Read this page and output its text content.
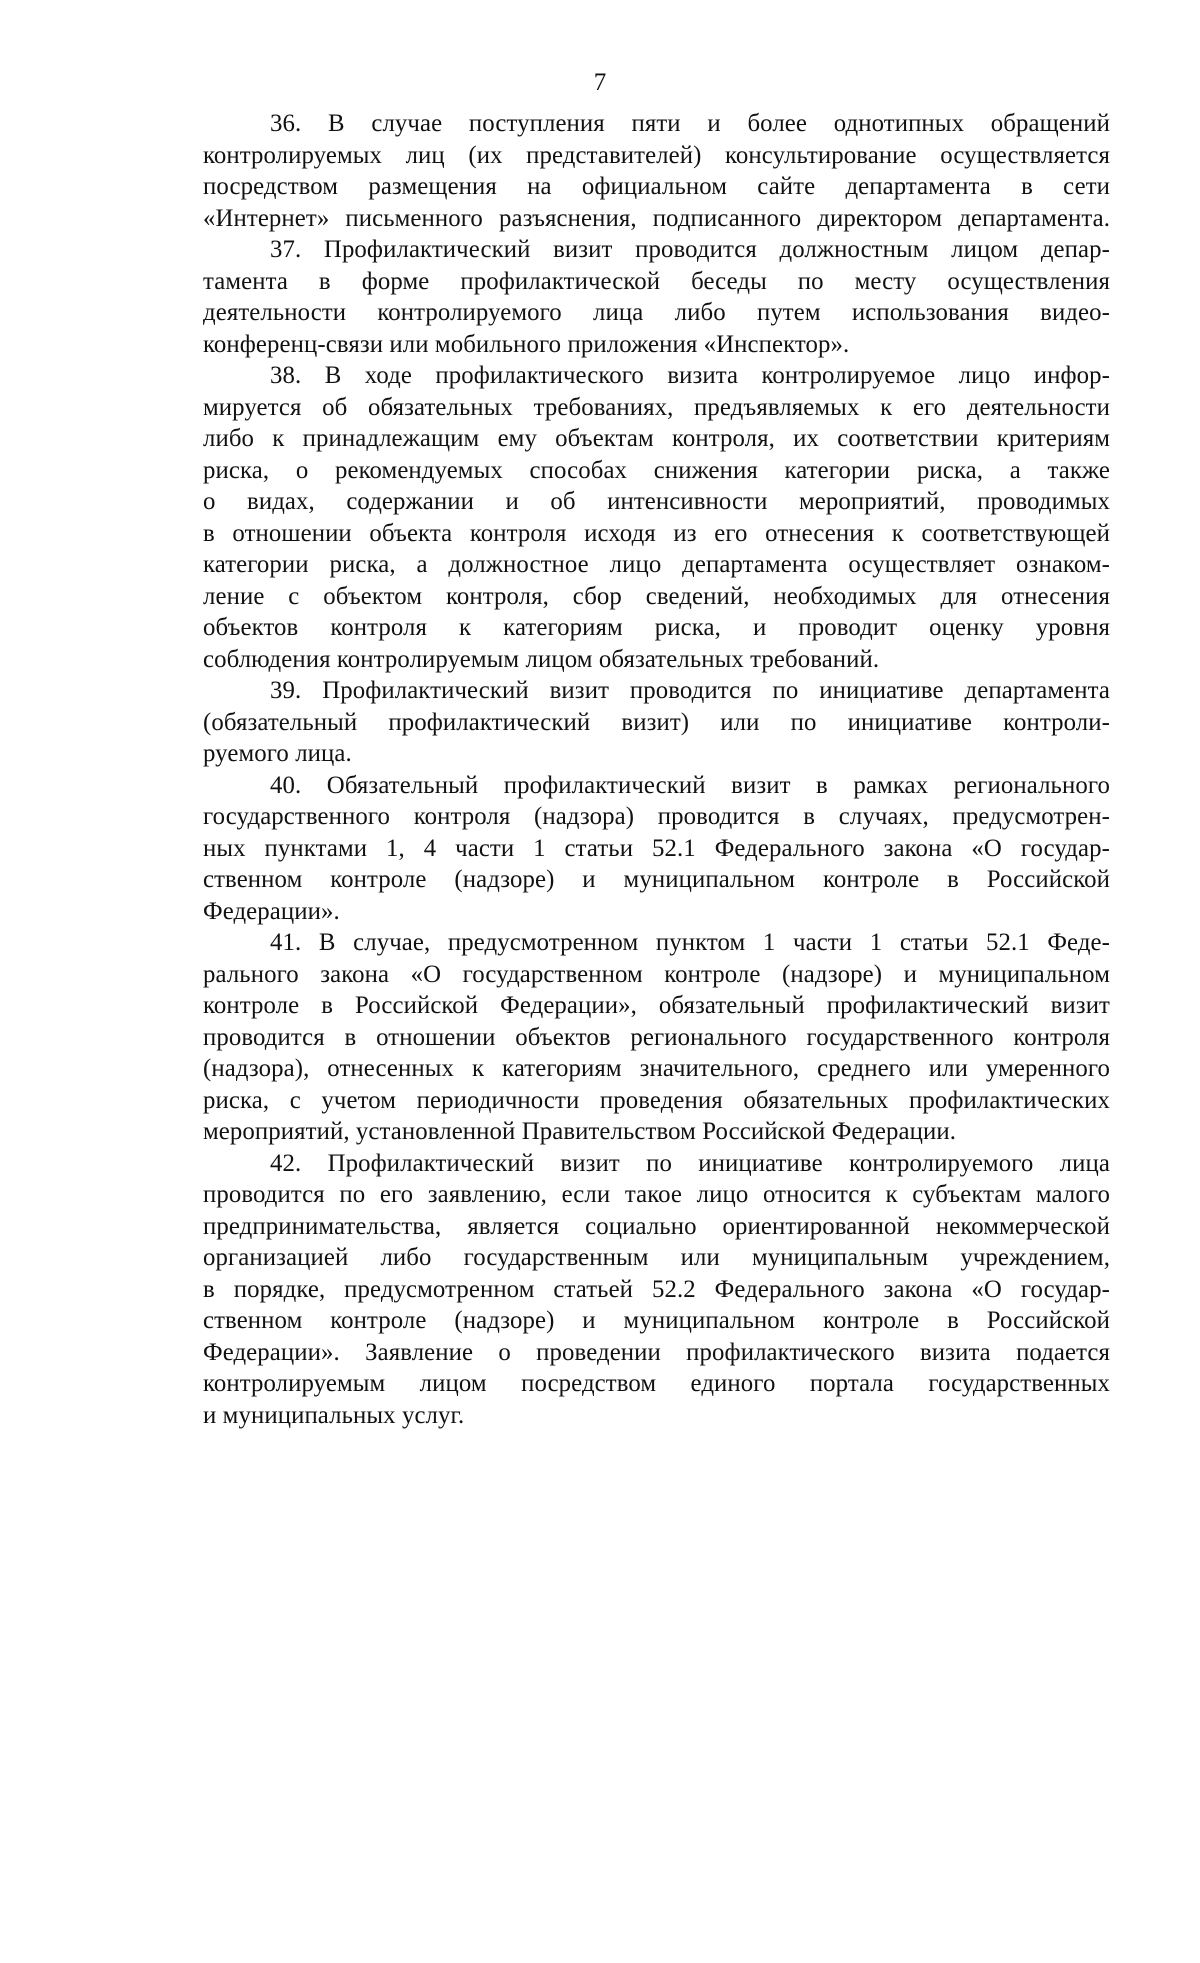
7
36. В случае поступления пяти и более однотипных обращений
контролируемых лиц (их представителей) консультирование осуществляется
посредством размещения на официальном сайте департамента в сети
«Интернет» письменного разъяснения, подписанного директором департамента.
37. Профилактический визит проводится должностным лицом депар-
тамента в форме профилактической беседы по месту осуществления
деятельности контролируемого лица либо путем использования видео-
конференц-связи или мобильного приложения «Инспектор».
38. В ходе профилактического визита контролируемое лицо инфор-
мируется об обязательных требованиях, предъявляемых к его деятельности
либо к принадлежащим ему объектам контроля, их соответствии критериям
риска, о рекомендуемых способах снижения категории риска, а также
о видах, содержании и об интенсивности мероприятий, проводимых
в отношении объекта контроля исходя из его отнесения к соответствующей
категории риска, а должностное лицо департамента осуществляет ознаком-
ление с объектом контроля, сбор сведений, необходимых для отнесения
объектов контроля к категориям риска, и проводит оценку уровня
соблюдения контролируемым лицом обязательных требований.
39. Профилактический визит проводится по инициативе департамента
(обязательный профилактический визит) или по инициативе контроли-
руемого лица.
40. Обязательный профилактический визит в рамках регионального
государственного контроля (надзора) проводится в случаях, предусмотрен-
ных пунктами 1, 4 части 1 статьи 52.1 Федерального закона «О государ-
ственном контроле (надзоре) и муниципальном контроле в Российской
Федерации».
41. В случае, предусмотренном пунктом 1 части 1 статьи 52.1 Феде-
рального закона «О государственном контроле (надзоре) и муниципальном
контроле в Российской Федерации», обязательный профилактический визит
проводится в отношении объектов регионального государственного контроля
(надзора), отнесенных к категориям значительного, среднего или умеренного
риска, с учетом периодичности проведения обязательных профилактических
мероприятий, установленной Правительством Российской Федерации.
42. Профилактический визит по инициативе контролируемого лица
проводится по его заявлению, если такое лицо относится к субъектам малого
предпринимательства, является социально ориентированной некоммерческой
организацией либо государственным или муниципальным учреждением,
в порядке, предусмотренном статьей 52.2 Федерального закона «О государ-
ственном контроле (надзоре) и муниципальном контроле в Российской
Федерации». Заявление о проведении профилактического визита подается
контролируемым лицом посредством единого портала государственных
и муниципальных услуг.
